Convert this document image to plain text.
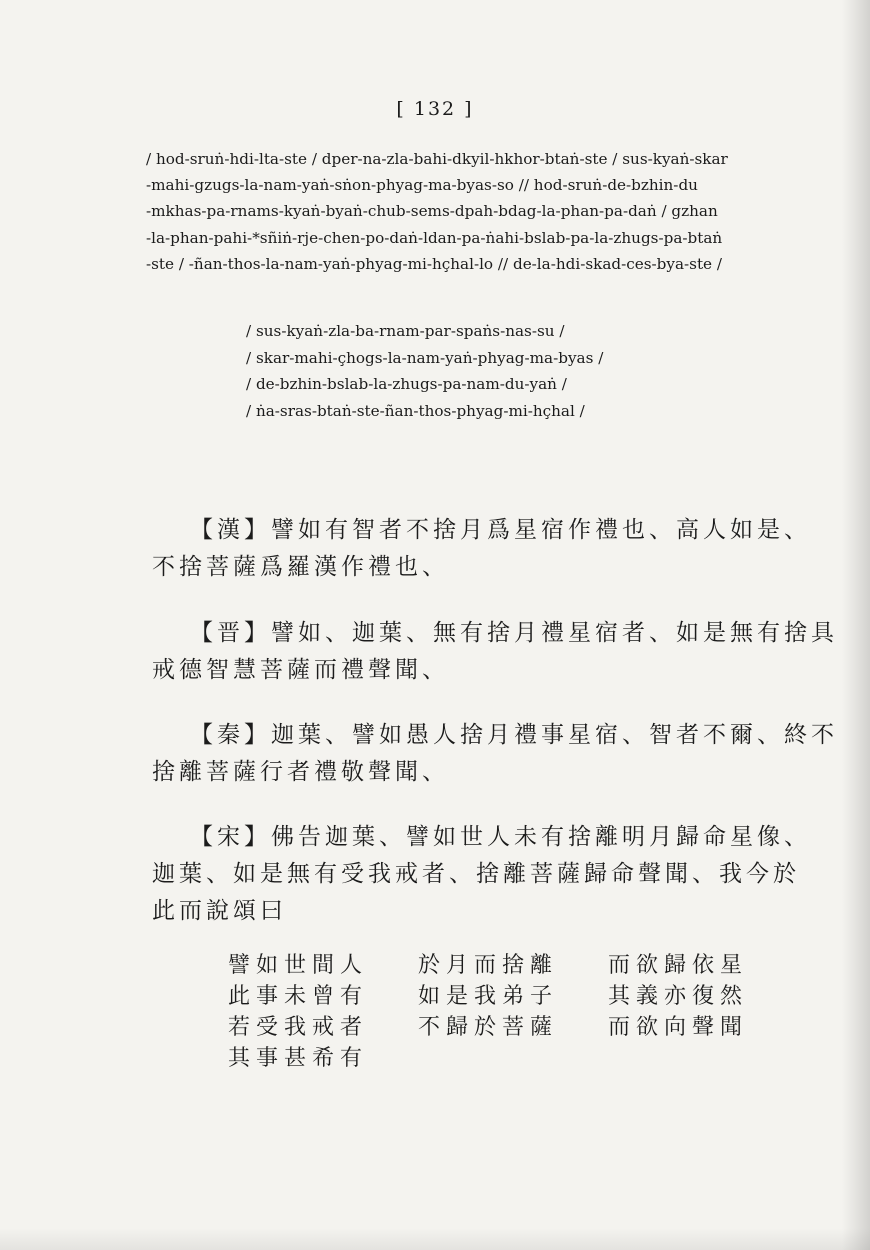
[ 132 ]
/ hod-sruṅ-hdi-lta-ste / dper-na-zla-bahi-dkyil-hkhor-btaṅ-ste / sus-kyaṅ-skar
-mahi-gzugs-la-nam-yaṅ-sṅon-phyag-ma-byas-so // hod-sruṅ-de-bzhin-du
-mkhas-pa-rnams-kyaṅ-byaṅ-chub-sems-dpah-bdag-la-phan-pa-daṅ / gzhan
-la-phan-pahi-*sñiṅ-rje-chen-po-daṅ-ldan-pa-ṅahi-bslab-pa-la-zhugs-pa-btaṅ
-ste / -ñan-thos-la-nam-yaṅ-phyag-mi-hçhal-lo // de-la-hdi-skad-ces-bya-ste /
/ sus-kyaṅ-zla-ba-rnam-par-spaṅs-nas-su /
/ skar-mahi-çhogs-la-nam-yaṅ-phyag-ma-byas /
/ de-bzhin-bslab-la-zhugs-pa-nam-du-yaṅ /
/ ṅa-sras-btaṅ-ste-ñan-thos-phyag-mi-hçhal /
【漢】譬如有智者不捨月爲星宿作禮也、高人如是、
不捨菩薩爲羅漢作禮也、
【晋】譬如、迦葉、無有捨月禮星宿者、如是無有捨具
戒德智慧菩薩而禮聲聞、
【秦】迦葉、譬如愚人捨月禮事星宿、智者不爾、終不
捨離菩薩行者禮敬聲聞、
【宋】佛告迦葉、譬如世人未有捨離明月歸命星像、
迦葉、如是無有受我戒者、捨離菩薩歸命聲聞、我今於
此而說頌曰
譬如世間人 於月而捨離 而欲歸依星
此事未曾有 如是我弟子 其義亦復然
若受我戒者 不歸於菩薩 而欲向聲聞
其事甚希有
